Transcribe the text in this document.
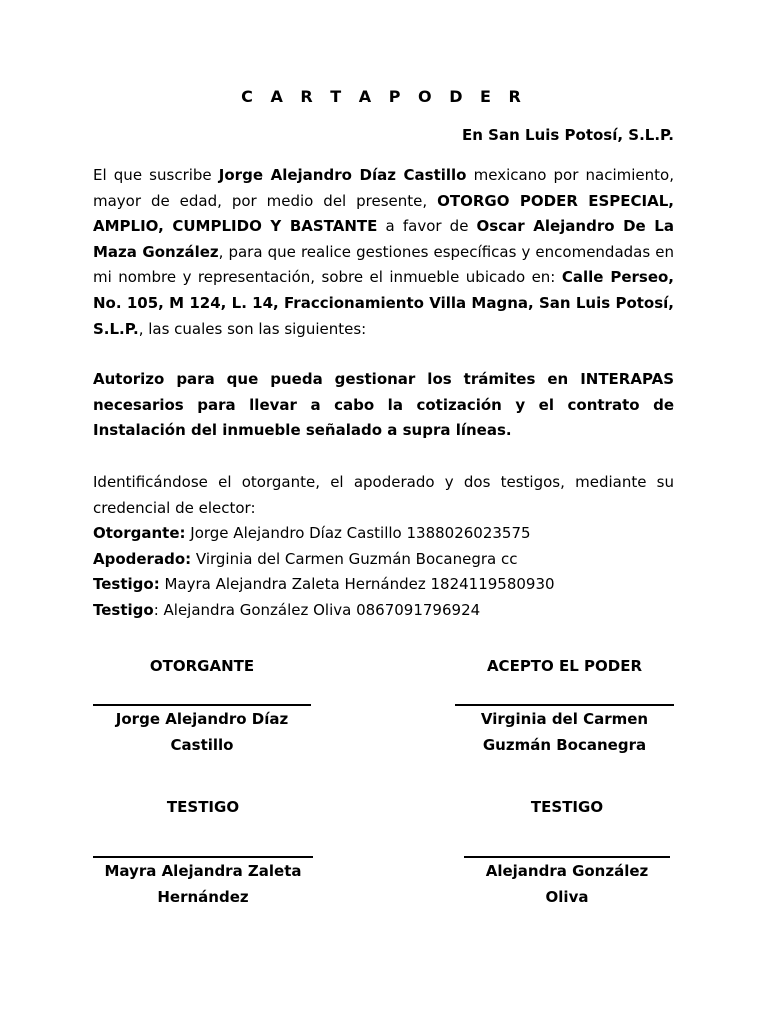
C A R T A P O D E R
En San Luis Potosí, S.L.P.

El que suscribe Jorge Alejandro Díaz Castillo mexicano por nacimiento, mayor de edad, por medio del presente, OTORGO PODER ESPECIAL, AMPLIO, CUMPLIDO Y BASTANTE a favor de Oscar Alejandro De La Maza González, para que realice gestiones específicas y encomendadas en mi nombre y representación, sobre el inmueble ubicado en: Calle Perseo, No. 105, M 124, L. 14, Fraccionamiento Villa Magna, San Luis Potosí, S.L.P., las cuales son las siguientes:

Autorizo para que pueda gestionar los trámites en INTERAPAS necesarios para llevar a cabo la cotización y el contrato de Instalación del inmueble señalado a supra líneas.

Identificándose el otorgante, el apoderado y dos testigos, mediante su credencial de elector:

Otorgante: Jorge Alejandro Díaz Castillo 1388026023575
Apoderado: Virginia del Carmen Guzmán Bocanegra cc
Testigo: Mayra Alejandra Zaleta Hernández 1824119580930
Testigo: Alejandra González Oliva 0867091796924
OTORGANTE
Jorge Alejandro Díaz
Castillo
ACEPTO EL PODER
Virginia del Carmen
Guzmán Bocanegra
TESTIGO
Mayra Alejandra Zaleta
Hernández
TESTIGO
Alejandra González
Oliva
